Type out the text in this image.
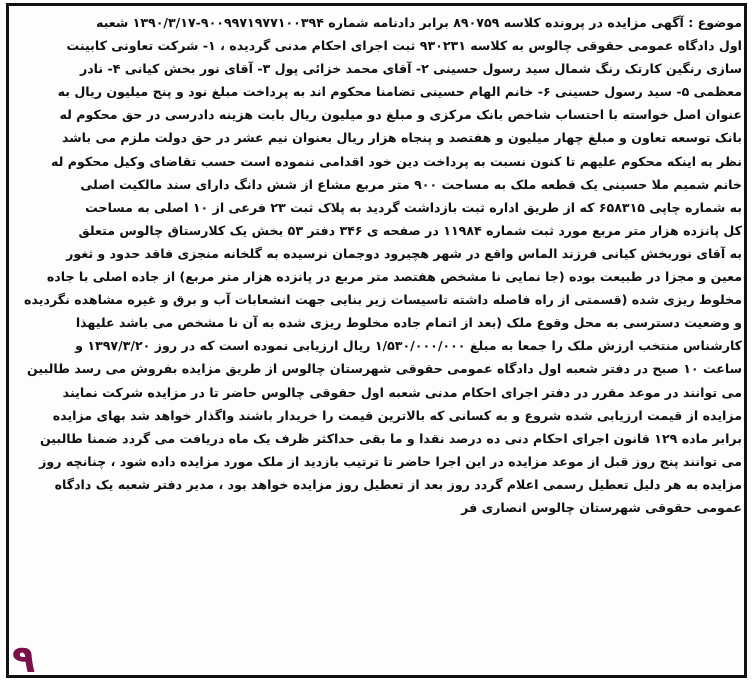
موضوع : آگهی مزایده در پرونده کلاسه ۸۹۰۷۵۹ برابر دادنامه شماره ۹۰۰۹۹۷۱۹۷۷۱۰۰۳۹۴-۱۳۹۰/۳/۱۷ شعبه
اول دادگاه عمومی حقوقی چالوس به کلاسه ۹۳۰۲۳۱ ثبت اجرای احکام مدنی گردیده ، ۱- شرکت تعاونی کابینت
سازی رنگین کارتک رنگ شمال سید رسول حسینی ۲- آقای محمد خزائی پول ۳- آقای نور بخش کیانی ۴- نادر
معظمی ۵- سید رسول حسینی ۶- خانم الهام حسینی تضامنا محکوم اند به پرداخت مبلغ نود و پنج میلیون ریال به
عنوان اصل خواسته با احتساب شاخص بانک مرکزی و مبلغ دو میلیون ریال بابت هزینه دادرسی در حق محکوم له
بانک توسعه تعاون و مبلغ چهار میلیون و هفتصد و پنجاه هزار ریال بعنوان نیم عشر در حق دولت ملزم می باشد
نظر به اینکه محکوم علیهم تا کنون نسبت به پرداخت دین خود اقدامی ننموده است حسب تقاضای وکیل محکوم له
خانم شمیم ملا حسینی یک قطعه ملک به مساحت ۹۰۰ متر مربع مشاع از شش دانگ دارای سند مالکیت اصلی
به شماره چاپی ۶۵۸۳۱۵ که از طریق اداره ثبت بازداشت گردید به پلاک ثبت ۲۳ فرعی از ۱۰ اصلی به مساحت
کل پانزده هزار متر مربع مورد ثبت شماره ۱۱۹۸۴ در صفحه ی ۳۴۶ دفتر ۵۳ بخش یک کلارستاق چالوس متعلق
به آقای نوربخش کیانی فرزند الماس واقع در شهر هچیرود دوجمان نرسیده به گلخانه منجزی فاقد حدود و ثغور
معین و مجزا در طبیعت بوده (جا نمایی نا مشخص هفتصد متر مربع در پانزده هزار متر مربع) از جاده اصلی با جاده
مخلوط ریزی شده (قسمتی از راه فاصله داشته تاسیسات زیر بنایی جهت انشعابات آب و برق و غیره مشاهده نگردیده
و وضعیت دسترسی به محل وقوع ملک (بعد از اتمام جاده مخلوط ریزی شده به آن نا مشخص می باشد علیهذا
کارشناس منتخب ارزش ملک را جمعا به مبلغ ۱/۵۳۰/۰۰۰/۰۰۰ ریال ارزیابی نموده است که در روز ۱۳۹۷/۳/۲۰ و
ساعت ۱۰ صبح در دفتر شعبه اول دادگاه عمومی حقوقی شهرستان چالوس از طریق مزایده بفروش می رسد طالبین
می توانند در موعد مقرر در دفتر اجرای احکام مدنی شعبه اول حقوقی چالوس حاضر تا در مزایده شرکت نمایند
مزایده از قیمت ارزیابی شده شروع و به کسانی که بالاترین قیمت را خریدار باشند واگذار خواهد شد بهای مزایده
برابر ماده ۱۲۹ قانون اجرای احکام دنی ده درصد نقدا و ما بقی حداکثر ظرف یک ماه دریافت می گردد ضمنا طالبین
می توانند پنج روز قبل از موعد مزایده در این اجرا حاضر تا ترتیب بازدید از ملک مورد مزایده داده شود ، چنانچه روز
مزایده به هر دلیل تعطیل رسمی اعلام گردد روز بعد از تعطیل روز مزایده خواهد بود ، مدیر دفتر شعبه یک دادگاه
عمومی حقوقی شهرستان چالوس انصاری فر
۹
